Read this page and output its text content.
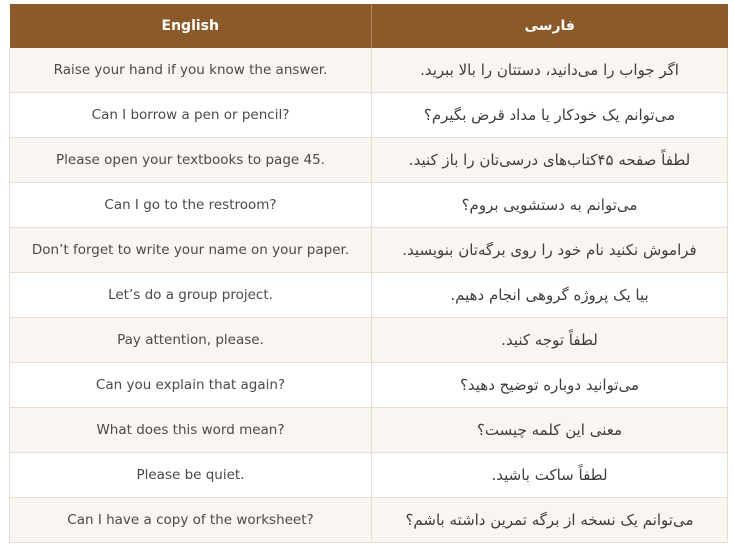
English	فارسی
Raise your hand if you know the answer.	اگر جواب را می‌دانید، دستتان را بالا ببرید.
Can I borrow a pen or pencil?	می‌توانم یک خودکار یا مداد قرض بگیرم؟
Please open your textbooks to page 45.	لطفاً صفحه ۴۵کتاب‌های درسی‌تان را باز کنید.
Can I go to the restroom?	می‌توانم به دستشویی بروم؟
Don’t forget to write your name on your paper.	فراموش نکنید نام خود را روی برگه‌تان بنویسید.
Let’s do a group project.	بیا یک پروژه گروهی انجام دهیم.
Pay attention, please.	لطفاً توجه کنید.
Can you explain that again?	می‌توانید دوباره توضیح دهید؟
What does this word mean?	معنی این کلمه چیست؟
Please be quiet.	لطفاً ساکت باشید.
Can I have a copy of the worksheet?	می‌توانم یک نسخه از برگه تمرین داشته باشم؟
